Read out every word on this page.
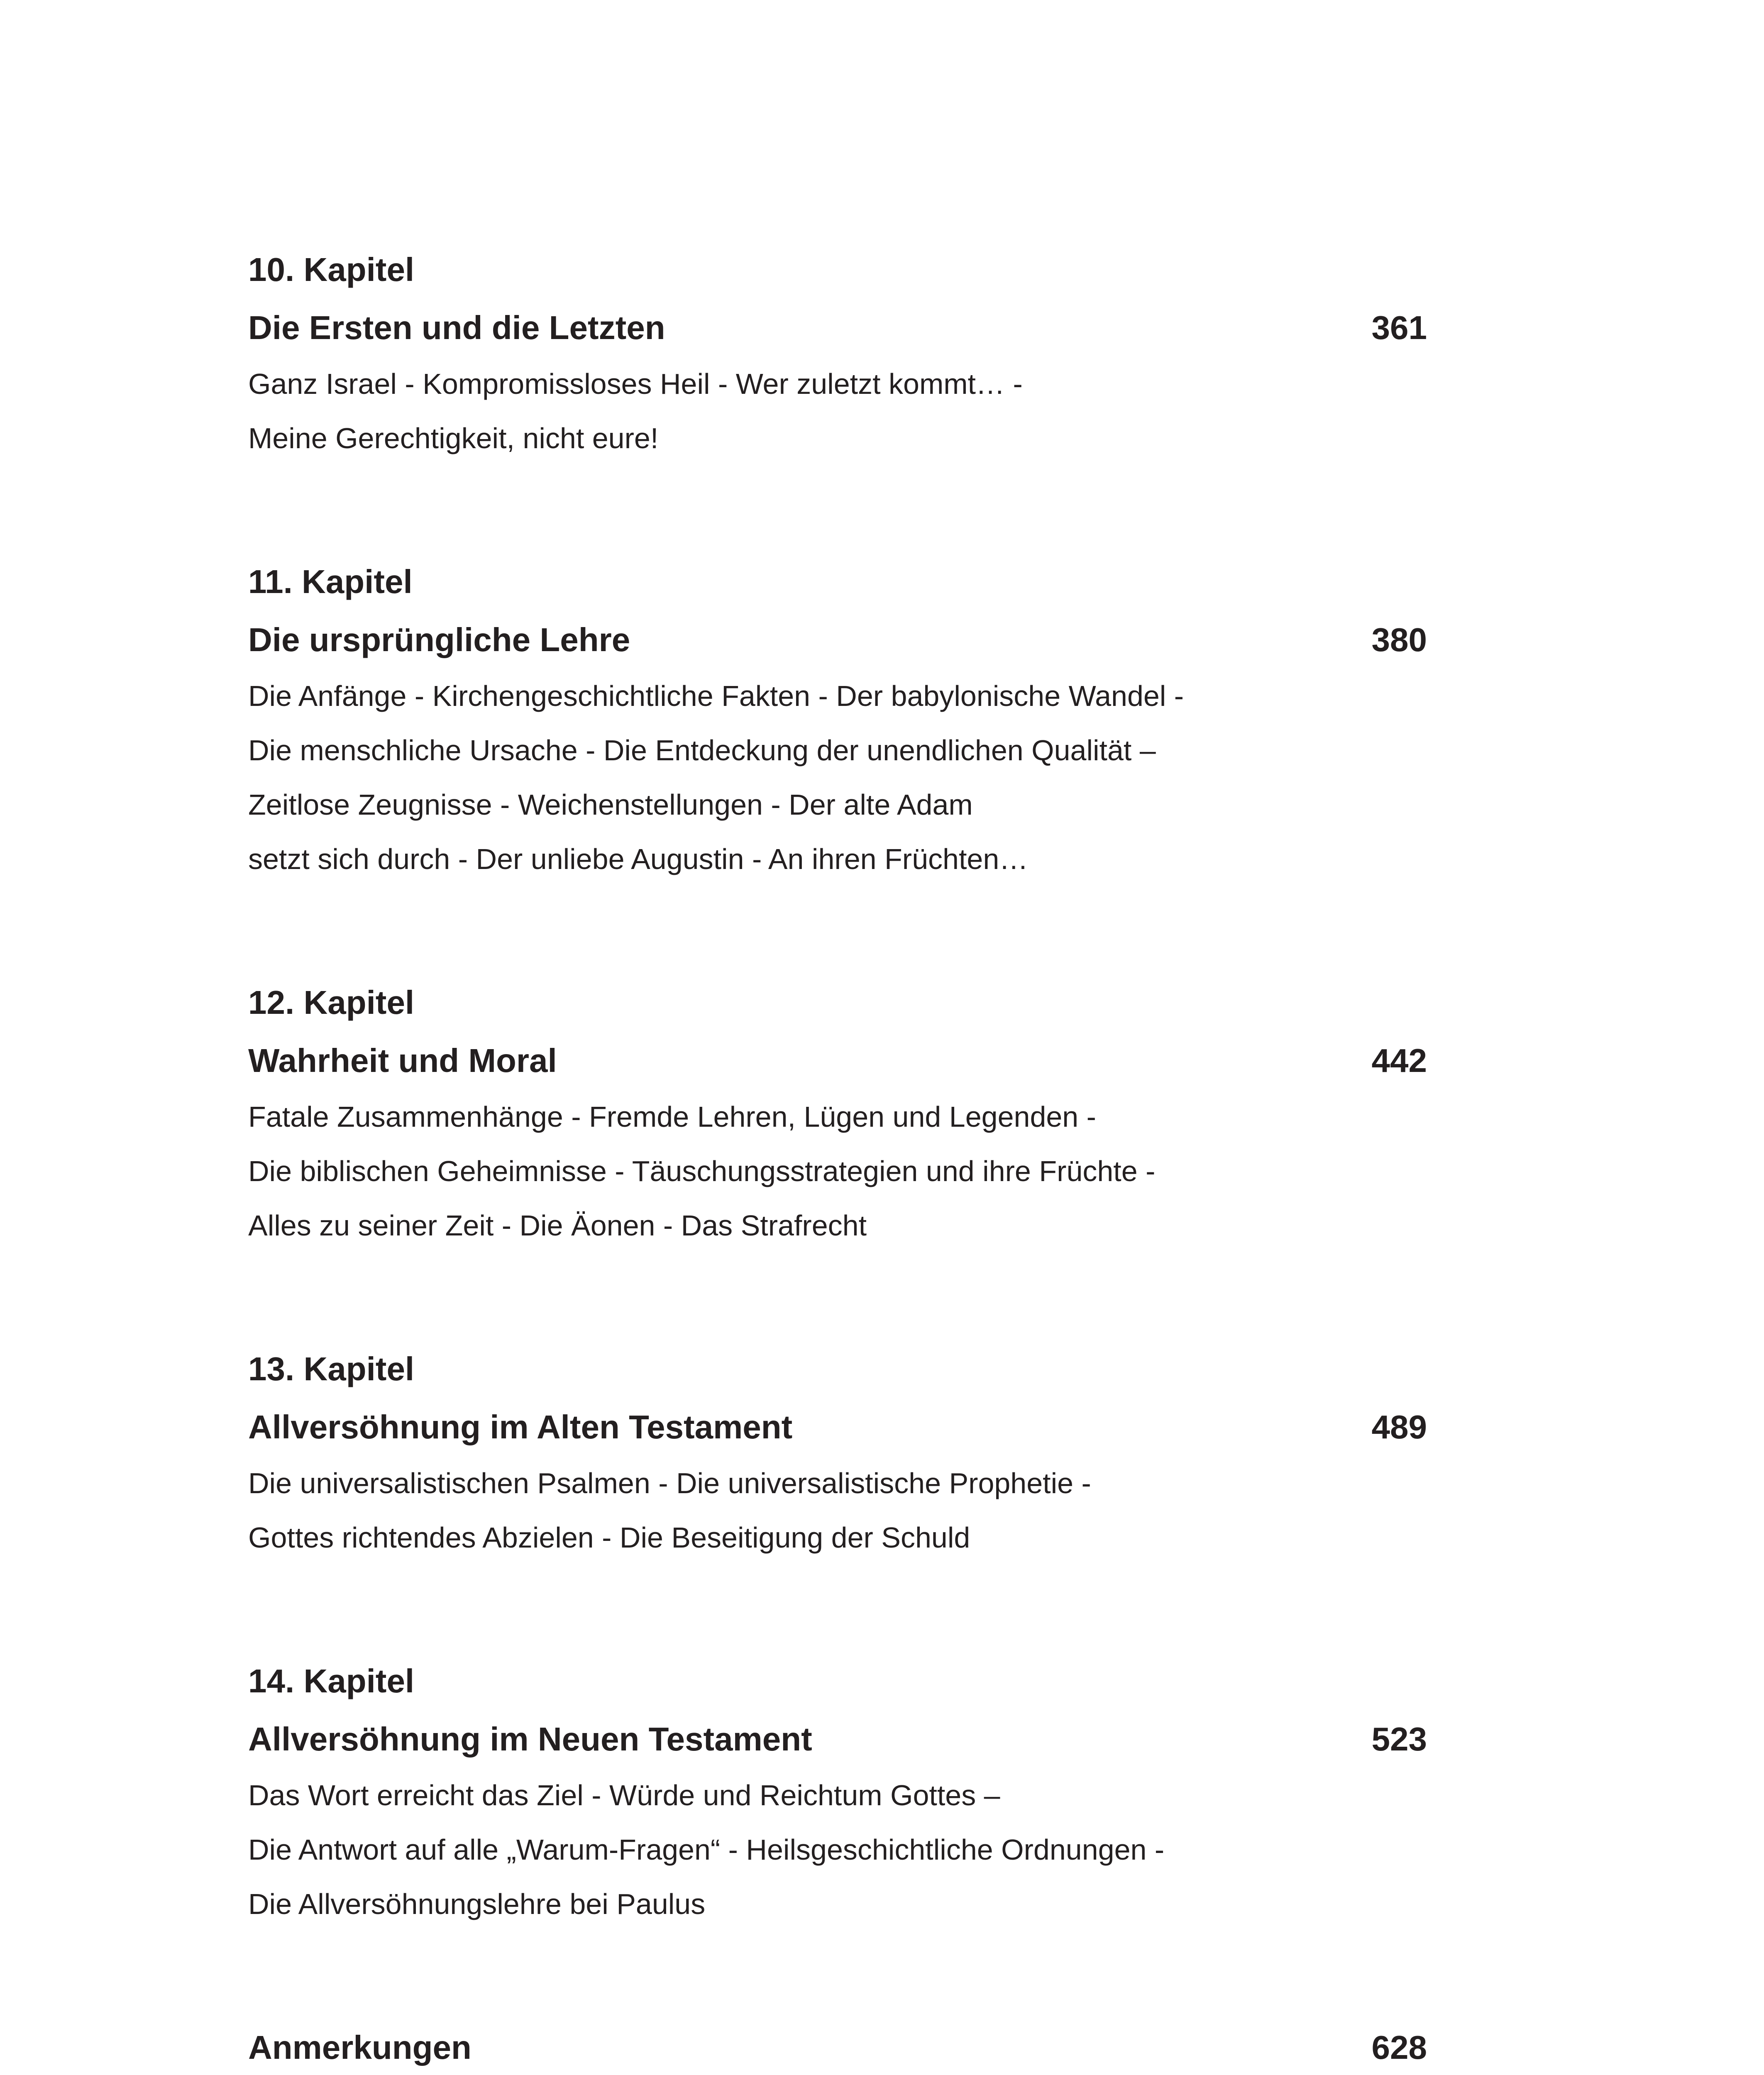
10. Kapitel
Die Ersten und die Letzten	361
Ganz Israel - Kompromissloses Heil - Wer zuletzt kommt… -
Meine Gerechtigkeit, nicht eure!
11. Kapitel
Die ursprüngliche Lehre	380
Die Anfänge - Kirchengeschichtliche Fakten - Der babylonische Wandel -
Die menschliche Ursache - Die Entdeckung der unendlichen Qualität –
Zeitlose Zeugnisse - Weichenstellungen - Der alte Adam
setzt sich durch - Der unliebe Augustin - An ihren Früchten…
12. Kapitel
Wahrheit und Moral	442
Fatale Zusammenhänge - Fremde Lehren, Lügen und Legenden -
Die biblischen Geheimnisse - Täuschungsstrategien und ihre Früchte -
Alles zu seiner Zeit - Die Äonen - Das Strafrecht
13. Kapitel
Allversöhnung im Alten Testament	489
Die universalistischen Psalmen - Die universalistische Prophetie -
Gottes richtendes Abzielen - Die Beseitigung der Schuld
14. Kapitel
Allversöhnung im Neuen Testament	523
Das Wort erreicht das Ziel - Würde und Reichtum Gottes –
Die Antwort auf alle „Warum-Fragen“ - Heilsgeschichtliche Ordnungen -
Die Allversöhnungslehre bei Paulus
Anmerkungen	628
